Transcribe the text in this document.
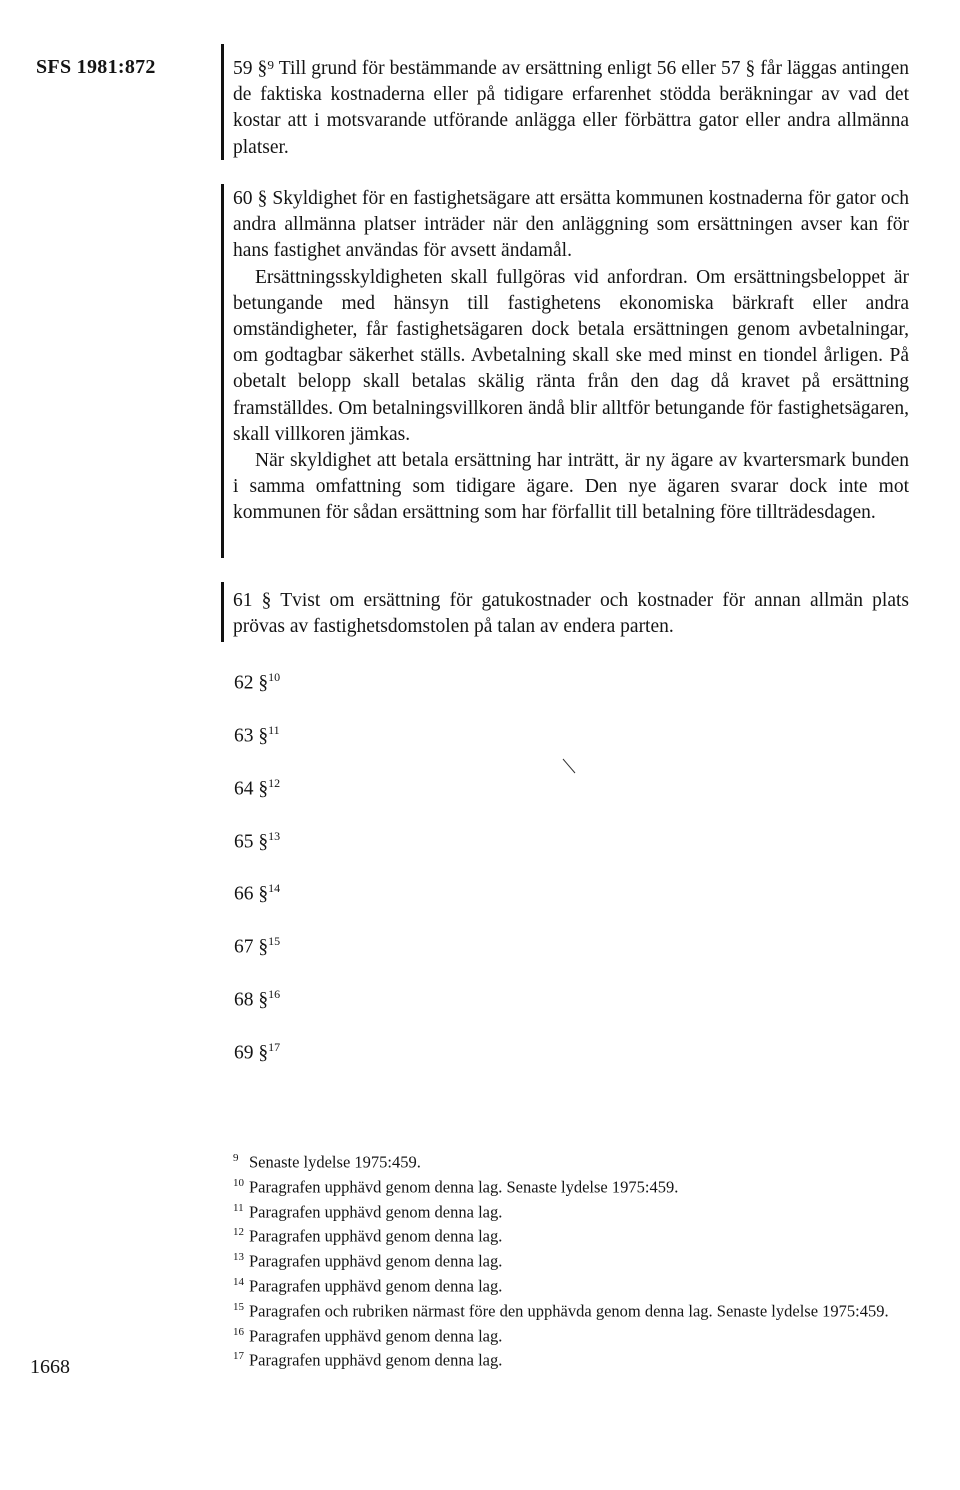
SFS 1981:872	59 §⁹ Till grund för bestämmande av ersättning enligt 56 eller 57 § får läggas antingen de faktiska kostnaderna eller på tidigare erfarenhet stödda beräkningar av vad det kostar att i motsvarande utförande anlägga eller förbättra gator eller andra allmänna platser.

60 § Skyldighet för en fastighetsägare att ersätta kommunen kostnaderna för gator och andra allmänna platser inträder när den anläggning som ersättningen avser kan för hans fastighet användas för avsett ändamål.

Ersättningsskyldigheten skall fullgöras vid anfordran. Om ersättningsbeloppet är betungande med hänsyn till fastighetens ekonomiska bärkraft eller andra omständigheter, får fastighetsägaren dock betala ersättningen genom avbetalningar, om godtagbar säkerhet ställs. Avbetalning skall ske med minst en tiondel årligen. På obetalt belopp skall betalas skälig ränta från den dag då kravet på ersättning framställdes. Om betalningsvillkoren ändå blir alltför betungande för fastighetsägaren, skall villkoren jämkas.

När skyldighet att betala ersättning har inträtt, är ny ägare av kvartersmark bunden i samma omfattning som tidigare ägare. Den nye ägaren svarar dock inte mot kommunen för sådan ersättning som har förfallit till betalning före tillträdesdagen.

61 § Tvist om ersättning för gatukostnader och kostnader för annan allmän plats prövas av fastighetsdomstolen på talan av endera parten.

62 §$^{10}$
63 §$^{11}$
64 §$^{12}$
65 §$^{13}$
66 §$^{14}$
67 §$^{15}$
68 §$^{16}$
69 §$^{17}$

$^9$ Senaste lydelse 1975:459.

$^{10}$ Paragrafen upphävd genom denna lag. Senaste lydelse 1975:459.

$^{11}$ Paragrafen upphävd genom denna lag.

$^{12}$ Paragrafen upphävd genom denna lag.

$^{13}$ Paragrafen upphävd genom denna lag.

$^{14}$ Paragrafen upphävd genom denna lag.

$^{15}$ Paragrafen och rubriken närmast före den upphävda genom denna lag. Senaste lydelse 1975:459.

$^{16}$ Paragrafen upphävd genom denna lag.

$^{17}$ Paragrafen upphävd genom denna lag.

1668
